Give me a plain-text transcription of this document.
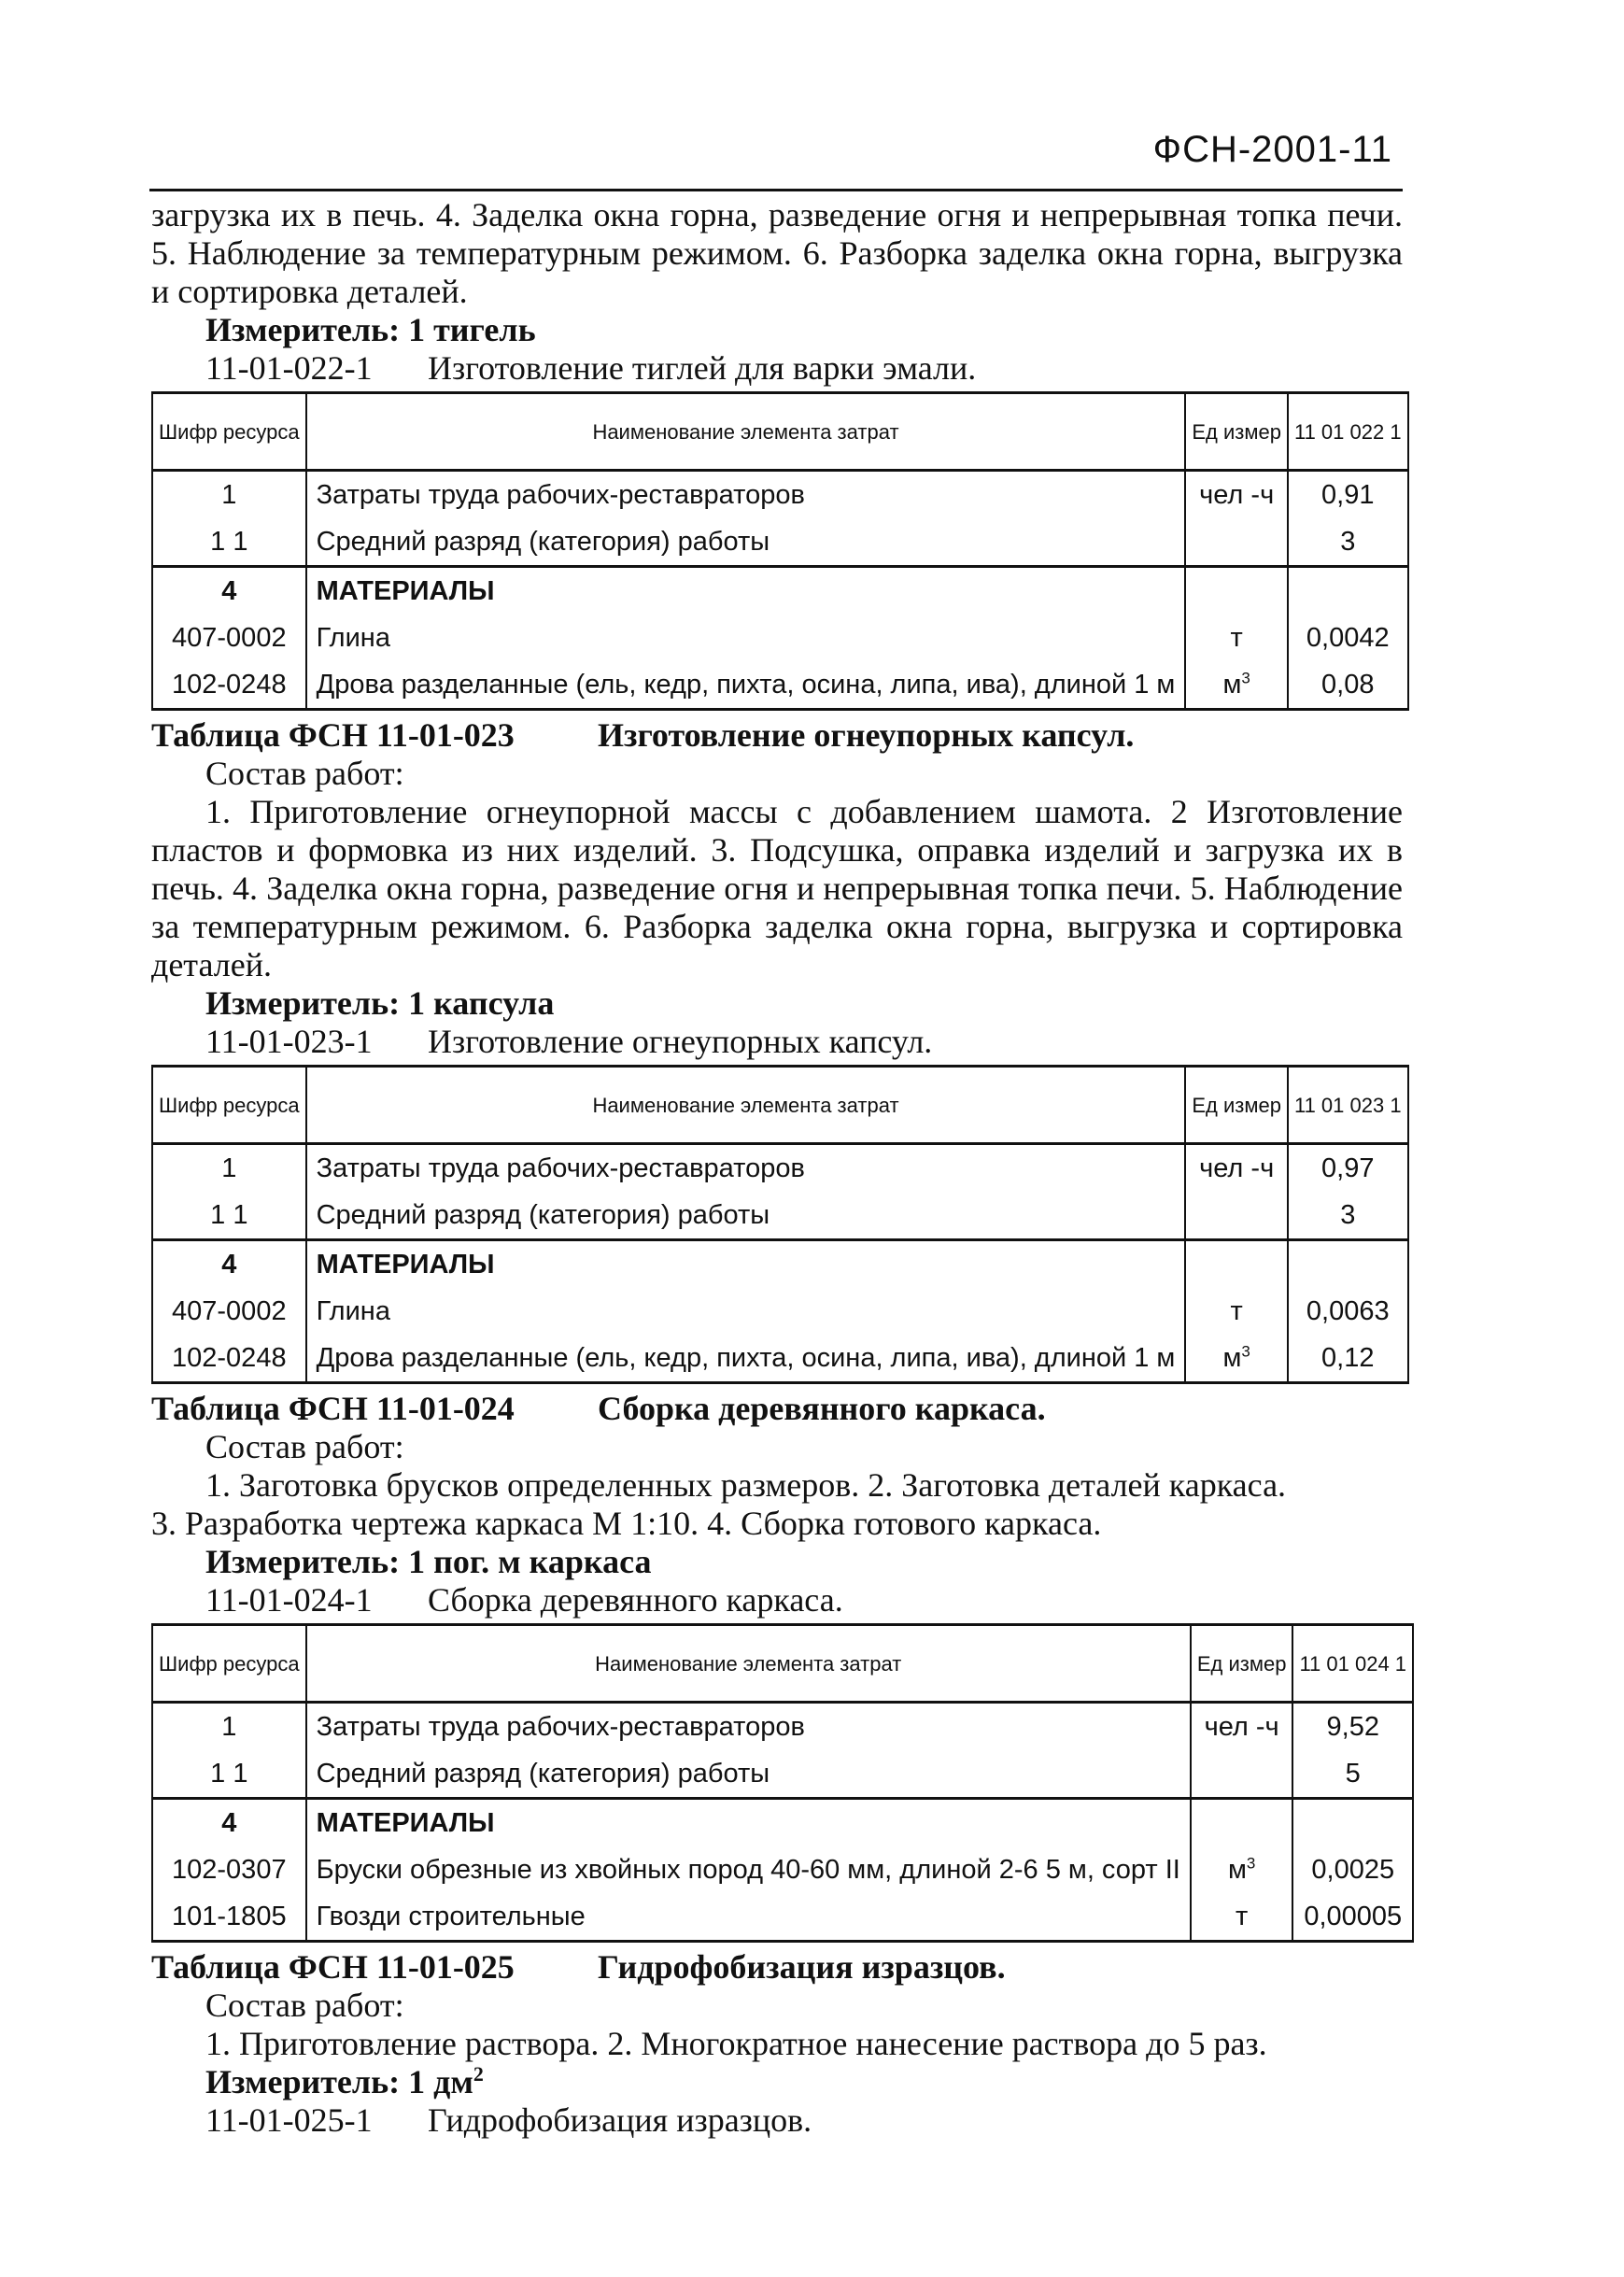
ФСН-2001-11

загрузка их в печь. 4. Заделка окна горна, разведение огня и непрерывная топка печи. 5. Наблюдение за температурным режимом. 6. Разборка заделка окна горна, выгрузка и сортировка деталей.

Измеритель: 1 тигель

11-01-022-1 Изготовление тиглей для варки эмали.

Шифр ресурса	Наименование элемента затрат	Ед измер	11 01 022 1
1	Затраты труда рабочих-реставраторов	чел -ч	0,91
1 1	Средний разряд (категория) работы		3
4	МАТЕРИАЛЫ		
407-0002	Глина	т	0,0042
102-0248	Дрова разделанные (ель, кедр, пихта, осина, липа, ива), длиной 1 м	$м^3$	0,08

Таблица ФСН 11-01-023 Изготовление огнеупорных капсул.

Состав работ:

1. Приготовление огнеупорной массы с добавлением шамота. 2 Изготовление пластов и формовка из них изделий. 3. Подсушка, оправка изделий и загрузка их в печь. 4. Заделка окна горна, разведение огня и непрерывная топка печи. 5. Наблюдение за температурным режимом. 6. Разборка заделка окна горна, выгрузка и сортировка деталей.

Измеритель: 1 капсула

11-01-023-1 Изготовление огнеупорных капсул.

Шифр ресурса	Наименование элемента затрат	Ед измер	11 01 023 1
1	Затраты труда рабочих-реставраторов	чел -ч	0,97
1 1	Средний разряд (категория) работы		3
4	МАТЕРИАЛЫ		
407-0002	Глина	т	0,0063
102-0248	Дрова разделанные (ель, кедр, пихта, осина, липа, ива), длиной 1 м	$м^3$	0,12

Таблица ФСН 11-01-024 Сборка деревянного каркаса.

Состав работ:

1. Заготовка брусков определенных размеров. 2. Заготовка деталей каркаса.

3. Разработка чертежа каркаса М 1:10. 4. Сборка готового каркаса.

Измеритель: 1 пог. м каркаса

11-01-024-1 Сборка деревянного каркаса.

Шифр ресурса	Наименование элемента затрат	Ед измер	11 01 024 1
1	Затраты труда рабочих-реставраторов	чел -ч	9,52
1 1	Средний разряд (категория) работы		5
4	МАТЕРИАЛЫ		
102-0307	Бруски обрезные из хвойных пород 40-60 мм, длиной 2-6 5 м, сорт II	$м^3$	0,0025
101-1805	Гвозди строительные	т	0,00005

Таблица ФСН 11-01-025 Гидрофобизация изразцов.

Состав работ:

1. Приготовление раствора. 2. Многократное нанесение раствора до 5 раз.

Измеритель: 1 $дм^2$

11-01-025-1 Гидрофобизация изразцов.
